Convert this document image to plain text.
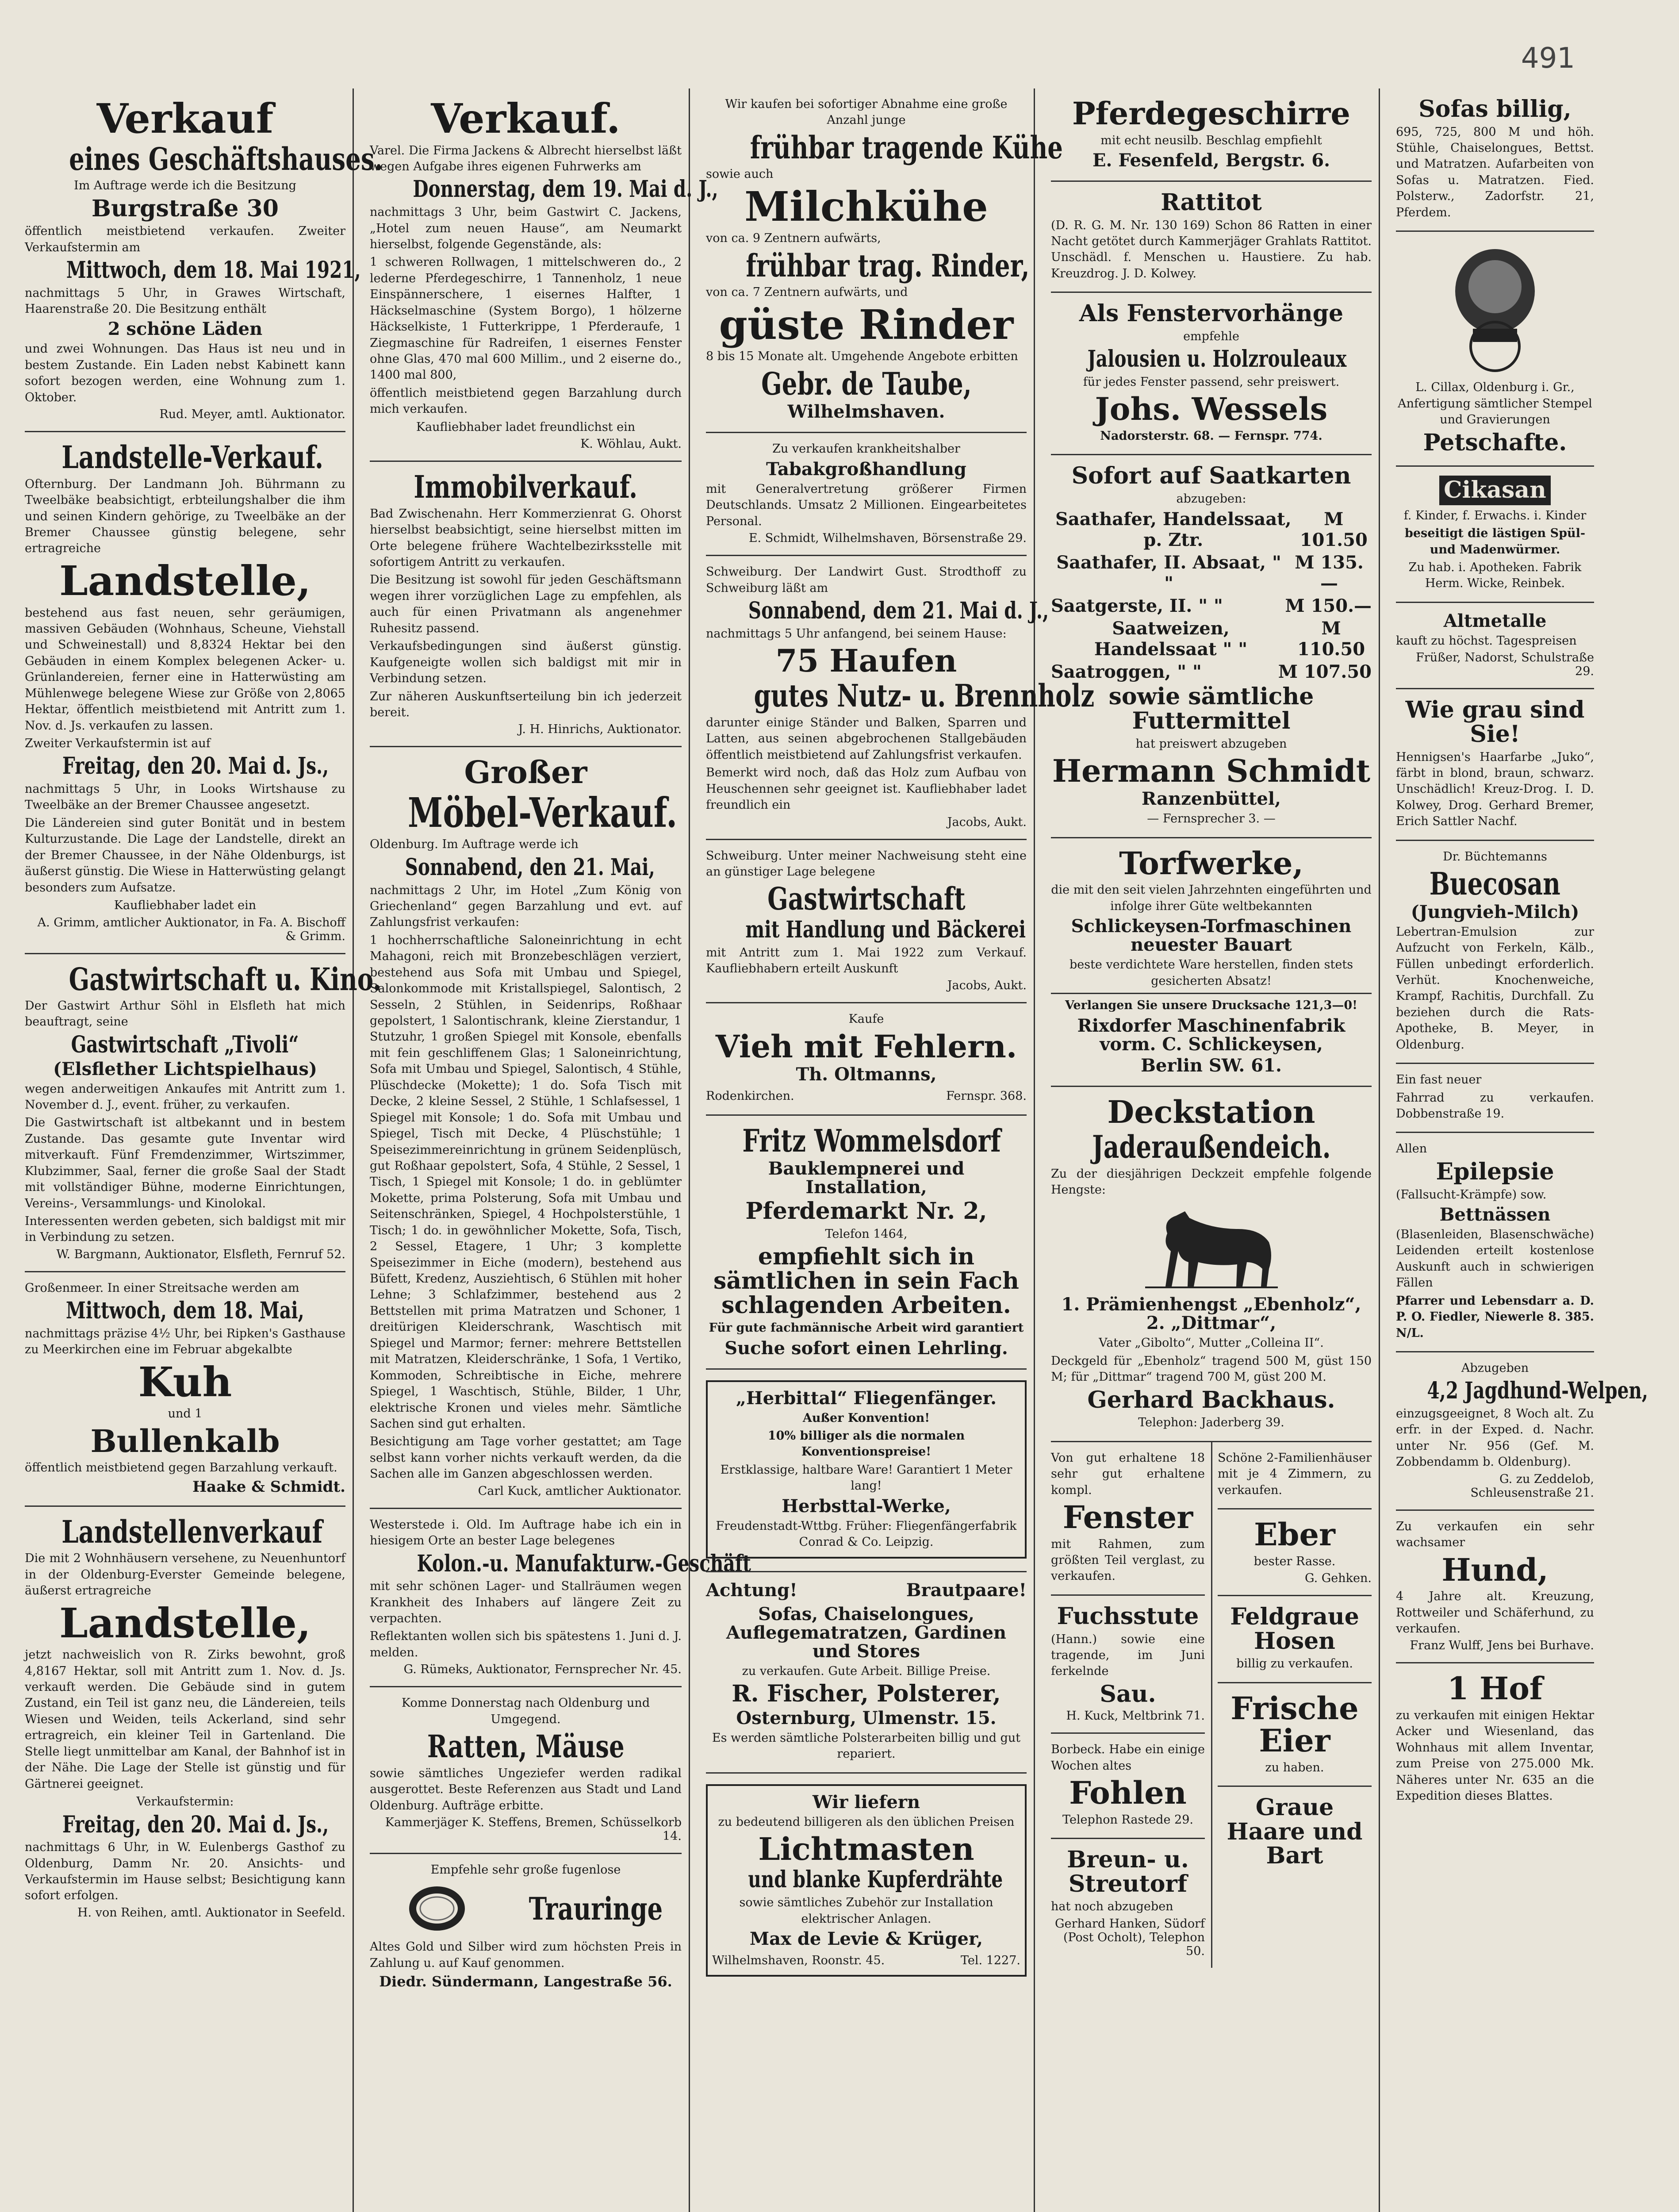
491
Verkauf
eines Geschäftshauses.
Im Auftrage werde ich die Besitzung
Burgstraße 30
öffentlich meistbietend verkaufen. Zweiter Verkaufstermin am
Mittwoch, dem 18. Mai 1921,
nachmittags 5 Uhr, in Grawes Wirtschaft, Haarenstraße 20. Die Besitzung enthält
2 schöne Läden
und zwei Wohnungen. Das Haus ist neu und in bestem Zustande. Ein Laden nebst Kabinett kann sofort bezogen werden, eine Wohnung zum 1. Oktober.
Rud. Meyer, amtl. Auktionator.
Landstelle-Verkauf.
Ofternburg. Der Landmann Joh. Bührmann zu Tweelbäke beabsichtigt, erbteilungshalber die ihm und seinen Kindern gehörige, zu Tweelbäke an der Bremer Chaussee günstig belegene, sehr ertragreiche
Landstelle,
bestehend aus fast neuen, sehr geräumigen, massiven Gebäuden (Wohnhaus, Scheune, Viehstall und Schweinestall) und 8,8324 Hektar bei den Gebäuden in einem Komplex belegenen Acker- u. Grünlandereien, ferner eine in Hatterwüsting am Mühlenwege belegene Wiese zur Größe von 2,8065 Hektar, öffentlich meistbietend mit Antritt zum 1. Nov. d. Js. verkaufen zu lassen.
Zweiter Verkaufstermin ist auf
Freitag, den 20. Mai d. Js.,
nachmittags 5 Uhr, in Looks Wirtshause zu Tweelbäke an der Bremer Chaussee angesetzt.
Die Ländereien sind guter Bonität und in bestem Kulturzustande. Die Lage der Landstelle, direkt an der Bremer Chaussee, in der Nähe Oldenburgs, ist äußerst günstig. Die Wiese in Hatterwüsting gelangt besonders zum Aufsatze.
Kaufliebhaber ladet ein
A. Grimm, amtlicher Auktionator, in Fa. A. Bischoff & Grimm.
Gastwirtschaft u. Kino.
Der Gastwirt Arthur Söhl in Elsfleth hat mich beauftragt, seine
Gastwirtschaft „Tivoli“
(Elsflether Lichtspielhaus)
wegen anderweitigen Ankaufes mit Antritt zum 1. November d. J., event. früher, zu verkaufen.
Die Gastwirtschaft ist altbekannt und in bestem Zustande. Das gesamte gute Inventar wird mitverkauft. Fünf Fremdenzimmer, Wirtszimmer, Klubzimmer, Saal, ferner die große Saal der Stadt mit vollständiger Bühne, moderne Einrichtungen, Vereins-, Versammlungs- und Kinolokal.
Interessenten werden gebeten, sich baldigst mit mir in Verbindung zu setzen.
W. Bargmann, Auktionator, Elsfleth, Fernruf 52.
Großenmeer. In einer Streitsache werden am
Mittwoch, dem 18. Mai,
nachmittags präzise 4½ Uhr, bei Ripken's Gasthause zu Meerkirchen eine im Februar abgekalbte
Kuh
und 1
Bullenkalb
öffentlich meistbietend gegen Barzahlung verkauft.
Haake & Schmidt.
Landstellenverkauf
Die mit 2 Wohnhäusern versehene, zu Neuenhuntorf in der Oldenburg-Everster Gemeinde belegene, äußerst ertragreiche
Landstelle,
jetzt nachweislich von R. Zirks bewohnt, groß 4,8167 Hektar, soll mit Antritt zum 1. Nov. d. Js. verkauft werden. Die Gebäude sind in gutem Zustand, ein Teil ist ganz neu, die Ländereien, teils Wiesen und Weiden, teils Ackerland, sind sehr ertragreich, ein kleiner Teil in Gartenland. Die Stelle liegt unmittelbar am Kanal, der Bahnhof ist in der Nähe. Die Lage der Stelle ist günstig und für Gärtnerei geeignet.
Verkaufstermin:
Freitag, den 20. Mai d. Js.,
nachmittags 6 Uhr, in W. Eulenbergs Gasthof zu Oldenburg, Damm Nr. 20. Ansichts- und Verkaufstermin im Hause selbst; Besichtigung kann sofort erfolgen.
H. von Reihen, amtl. Auktionator in Seefeld.
Verkauf.
Varel. Die Firma Jackens & Albrecht hierselbst läßt wegen Aufgabe ihres eigenen Fuhrwerks am
Donnerstag, dem 19. Mai d. J.,
nachmittags 3 Uhr, beim Gastwirt C. Jackens, „Hotel zum neuen Hause“, am Neumarkt hierselbst, folgende Gegenstände, als:
1 schweren Rollwagen, 1 mittelschweren do., 2 lederne Pferdegeschirre, 1 Tannenholz, 1 neue Einspännerschere, 1 eisernes Halfter, 1 Häckselmaschine (System Borgo), 1 hölzerne Häckselkiste, 1 Futterkrippe, 1 Pferderaufe, 1 Ziegmaschine für Radreifen, 1 eisernes Fenster ohne Glas, 470 mal 600 Millim., und 2 eiserne do., 1400 mal 800,
öffentlich meistbietend gegen Barzahlung durch mich verkaufen.
Kaufliebhaber ladet freundlichst ein
K. Wöhlau, Aukt.
Immobilverkauf.
Bad Zwischenahn. Herr Kommerzienrat G. Ohorst hierselbst beabsichtigt, seine hierselbst mitten im Orte belegene frühere Wachtelbezirksstelle mit sofortigem Antritt zu verkaufen.
Die Besitzung ist sowohl für jeden Geschäftsmann wegen ihrer vorzüglichen Lage zu empfehlen, als auch für einen Privatmann als angenehmer Ruhesitz passend.
Verkaufsbedingungen sind äußerst günstig. Kaufgeneigte wollen sich baldigst mit mir in Verbindung setzen.
Zur näheren Auskunftserteilung bin ich jederzeit bereit.
J. H. Hinrichs, Auktionator.
Großer
Möbel-Verkauf.
Oldenburg. Im Auftrage werde ich
Sonnabend, den 21. Mai,
nachmittags 2 Uhr, im Hotel „Zum König von Griechenland“ gegen Barzahlung und evt. auf Zahlungsfrist verkaufen:
1 hochherrschaftliche Saloneinrichtung in echt Mahagoni, reich mit Bronzebeschlägen verziert, bestehend aus Sofa mit Umbau und Spiegel, Salonkommode mit Kristallspiegel, Salontisch, 2 Sesseln, 2 Stühlen, in Seidenrips, Roßhaar gepolstert, 1 Salontischrank, kleine Zierstandur, 1 Stutzuhr, 1 großen Spiegel mit Konsole, ebenfalls mit fein geschliffenem Glas; 1 Saloneinrichtung, Sofa mit Umbau und Spiegel, Salontisch, 4 Stühle, Plüschdecke (Mokette); 1 do. Sofa Tisch mit Decke, 2 kleine Sessel, 2 Stühle, 1 Schlafsessel, 1 Spiegel mit Konsole; 1 do. Sofa mit Umbau und Spiegel, Tisch mit Decke, 4 Plüschstühle; 1 Speisezimmereinrichtung in grünem Seidenplüsch, gut Roßhaar gepolstert, Sofa, 4 Stühle, 2 Sessel, 1 Tisch, 1 Spiegel mit Konsole; 1 do. in geblümter Mokette, prima Polsterung, Sofa mit Umbau und Seitenschränken, Spiegel, 4 Hochpolsterstühle, 1 Tisch; 1 do. in gewöhnlicher Mokette, Sofa, Tisch, 2 Sessel, Etagere, 1 Uhr; 3 komplette Speisezimmer in Eiche (modern), bestehend aus Büfett, Kredenz, Ausziehtisch, 6 Stühlen mit hoher Lehne; 3 Schlafzimmer, bestehend aus 2 Bettstellen mit prima Matratzen und Schoner, 1 dreitürigen Kleiderschrank, Waschtisch mit Spiegel und Marmor; ferner: mehrere Bettstellen mit Matratzen, Kleiderschränke, 1 Sofa, 1 Vertiko, Kommoden, Schreibtische in Eiche, mehrere Spiegel, 1 Waschtisch, Stühle, Bilder, 1 Uhr, elektrische Kronen und vieles mehr. Sämtliche Sachen sind gut erhalten.
Besichtigung am Tage vorher gestattet; am Tage selbst kann vorher nichts verkauft werden, da die Sachen alle im Ganzen abgeschlossen werden.
Carl Kuck, amtlicher Auktionator.
Westerstede i. Old. Im Auftrage habe ich ein in hiesigem Orte an bester Lage belegenes
Kolon.-u. Manufakturw.-Geschäft
mit sehr schönen Lager- und Stallräumen wegen Krankheit des Inhabers auf längere Zeit zu verpachten.
Reflektanten wollen sich bis spätestens 1. Juni d. J. melden.
G. Rümeks, Auktionator, Fernsprecher Nr. 45.
Komme Donnerstag nach Oldenburg und Umgegend.
Ratten, Mäuse
sowie sämtliches Ungeziefer werden radikal ausgerottet. Beste Referenzen aus Stadt und Land Oldenburg. Aufträge erbitte.
Kammerjäger K. Steffens, Bremen, Schüsselkorb 14.
Empfehle sehr große fugenlose
Trauringe
Altes Gold und Silber wird zum höchsten Preis in Zahlung u. auf Kauf genommen.
Diedr. Sündermann, Langestraße 56.
Wir kaufen bei sofortiger Abnahme eine große Anzahl junge
frühbar tragende Kühe
sowie auch
Milchkühe
von ca. 9 Zentnern aufwärts,
frühbar trag. Rinder,
von ca. 7 Zentnern aufwärts, und
güste Rinder
8 bis 15 Monate alt. Umgehende Angebote erbitten
Gebr. de Taube,
Wilhelmshaven.
Zu verkaufen krankheitshalber
Tabakgroßhandlung
mit Generalvertretung größerer Firmen Deutschlands. Umsatz 2 Millionen. Eingearbeitetes Personal.
E. Schmidt, Wilhelmshaven, Börsenstraße 29.
Schweiburg. Der Landwirt Gust. Strodthoff zu Schweiburg läßt am
Sonnabend, dem 21. Mai d. J.,
nachmittags 5 Uhr anfangend, bei seinem Hause:
75 Haufen
gutes Nutz- u. Brennholz
darunter einige Ständer und Balken, Sparren und Latten, aus seinen abgebrochenen Stallgebäuden öffentlich meistbietend auf Zahlungsfrist verkaufen.
Bemerkt wird noch, daß das Holz zum Aufbau von Heuschennen sehr geeignet ist. Kaufliebhaber ladet freundlich ein
Jacobs, Aukt.
Schweiburg. Unter meiner Nachweisung steht eine an günstiger Lage belegene
Gastwirtschaft
mit Handlung und Bäckerei
mit Antritt zum 1. Mai 1922 zum Verkauf. Kaufliebhabern erteilt Auskunft
Jacobs, Aukt.
Kaufe
Vieh mit Fehlern.
Th. Oltmanns,
Rodenkirchen.	Fernspr. 368.
Fritz Wommelsdorf
Bauklempnerei und Installation,
Pferdemarkt Nr. 2,
Telefon 1464,
empfiehlt sich in sämtlichen in sein Fach schlagenden Arbeiten.
Für gute fachmännische Arbeit wird garantiert
Suche sofort einen Lehrling.
„Herbittal“ Fliegenfänger.
Außer Konvention!
10% billiger als die normalen Konventionspreise!
Erstklassige, haltbare Ware! Garantiert 1 Meter lang!
Herbsttal-Werke,
Freudenstadt-Wttbg. Früher: Fliegenfängerfabrik Conrad & Co. Leipzig.
Achtung!	Brautpaare!
Sofas, Chaiselongues, Auflegematratzen, Gardinen und Stores
zu verkaufen. Gute Arbeit. Billige Preise.
R. Fischer, Polsterer,
Osternburg, Ulmenstr. 15.
Es werden sämtliche Polsterarbeiten billig und gut repariert.
Wir liefern
zu bedeutend billigeren als den üblichen Preisen
Lichtmasten
und blanke Kupferdrähte
sowie sämtliches Zubehör zur Installation elektrischer Anlagen.
Max de Levie & Krüger,
Wilhelmshaven, Roonstr. 45.	Tel. 1227.
Pferdegeschirre
mit echt neusilb. Beschlag empfiehlt
E. Fesenfeld, Bergstr. 6.
Rattitot
(D. R. G. M. Nr. 130 169) Schon 86 Ratten in einer Nacht getötet durch Kammerjäger Grahlats Rattitot. Unschädl. f. Menschen u. Haustiere. Zu hab. Kreuzdrog. J. D. Kolwey.
Als Fenstervorhänge
empfehle
Jalousien u. Holzrouleaux
für jedes Fenster passend, sehr preiswert.
Johs. Wessels
Nadorsterstr. 68. — Fernspr. 774.
Sofort auf Saatkarten
abzugeben:
Saathafer, Handelssaat, p. Ztr.
M 101.50
Saathafer, II. Absaat, " "
M 135.—
Saatgerste, II. " "	M 150.—
Saatweizen, Handelssaat " "
M 110.50
Saatroggen, " "	M 107.50
sowie sämtliche Futtermittel
hat preiswert abzugeben
Hermann Schmidt
Ranzenbüttel,
— Fernsprecher 3. —
Torfwerke,
die mit den seit vielen Jahrzehnten eingeführten und infolge ihrer Güte weltbekannten
Schlickeysen-Torfmaschinen neuester Bauart
beste verdichtete Ware herstellen, finden stets gesicherten Absatz!
Verlangen Sie unsere Drucksache 121,3—0!
Rixdorfer Maschinenfabrik vorm. C. Schlickeysen,
Berlin SW. 61.
Deckstation
Jaderaußendeich.
Zu der diesjährigen Deckzeit empfehle folgende Hengste:
1. Prämienhengst „Ebenholz“, 2. „Dittmar“,
Vater „Gibolto“, Mutter „Colleina II“.
Deckgeld für „Ebenholz“ tragend 500 M, güst 150 M; für „Dittmar“ tragend 700 M, güst 200 M.
Gerhard Backhaus.
Telephon: Jaderberg 39.
Von gut erhaltene 18 sehr gut erhaltene kompl.
Fenster
mit Rahmen, zum größten Teil verglast, zu verkaufen.
Fuchsstute
(Hann.) sowie eine tragende, im Juni ferkelnde
Sau.
H. Kuck, Meltbrink 71.
Borbeck. Habe ein einige Wochen altes
Fohlen
Telephon Rastede 29.
Breun- u. Streutorf
hat noch abzugeben
Gerhard Hanken, Südorf (Post Ocholt), Telephon 50.
Schöne 2-Familienhäuser mit je 4 Zimmern, zu verkaufen.
Eber
bester Rasse.
G. Gehken.
Feldgraue Hosen
billig zu verkaufen.
Frische Eier
zu haben.
Graue Haare und Bart
Sofas billig,
695, 725, 800 M und höh. Stühle, Chaiselongues, Bettst. und Matratzen. Aufarbeiten von Sofas u. Matratzen. Fied. Polsterw., Zadorfstr. 21, Pferdem.
L. Cillax, Oldenburg i. Gr., Anfertigung sämtlicher Stempel und Gravierungen
Petschafte.
Cikasan
f. Kinder, f. Erwachs. i. Kinder
beseitigt die lästigen Spül- und Madenwürmer.
Zu hab. i. Apotheken. Fabrik Herm. Wicke, Reinbek.
Altmetalle
kauft zu höchst. Tagespreisen
Früßer, Nadorst, Schulstraße 29.
Wie grau sind Sie!
Hennigsen's Haarfarbe „Juko“, färbt in blond, braun, schwarz. Unschädlich! Kreuz-Drog. I. D. Kolwey, Drog. Gerhard Bremer, Erich Sattler Nachf.
Dr. Büchtemanns
Buecosan
(Jungvieh-Milch)
Lebertran-Emulsion zur Aufzucht von Ferkeln, Kälb., Füllen unbedingt erforderlich. Verhüt. Knochenweiche, Krampf, Rachitis, Durchfall. Zu beziehen durch die Rats-Apotheke, B. Meyer, in Oldenburg.
Ein fast neuer
Fahrrad zu verkaufen. Dobbenstraße 19.
Allen
Epilepsie
(Fallsucht-Krämpfe) sow.
Bettnässen
(Blasenleiden, Blasenschwäche) Leidenden erteilt kostenlose Auskunft auch in schwierigen Fällen
Pfarrer und Lebensdarr a. D. P. O. Fiedler, Niewerle 8. 385. N/L.
Abzugeben
4,2 Jagdhund-Welpen,
einzugsgeeignet, 8 Woch alt. Zu erfr. in der Exped. d. Nachr. unter Nr. 956 (Gef. M. Zobbendamm b. Oldenburg).
G. zu Zeddelob, Schleusenstraße 21.
Zu verkaufen ein sehr wachsamer
Hund,
4 Jahre alt. Kreuzung, Rottweiler und Schäferhund, zu verkaufen.
Franz Wulff, Jens bei Burhave.
1 Hof
zu verkaufen mit einigen Hektar Acker und Wiesenland, das Wohnhaus mit allem Inventar, zum Preise von 275.000 Mk. Näheres unter Nr. 635 an die Expedition dieses Blattes.
